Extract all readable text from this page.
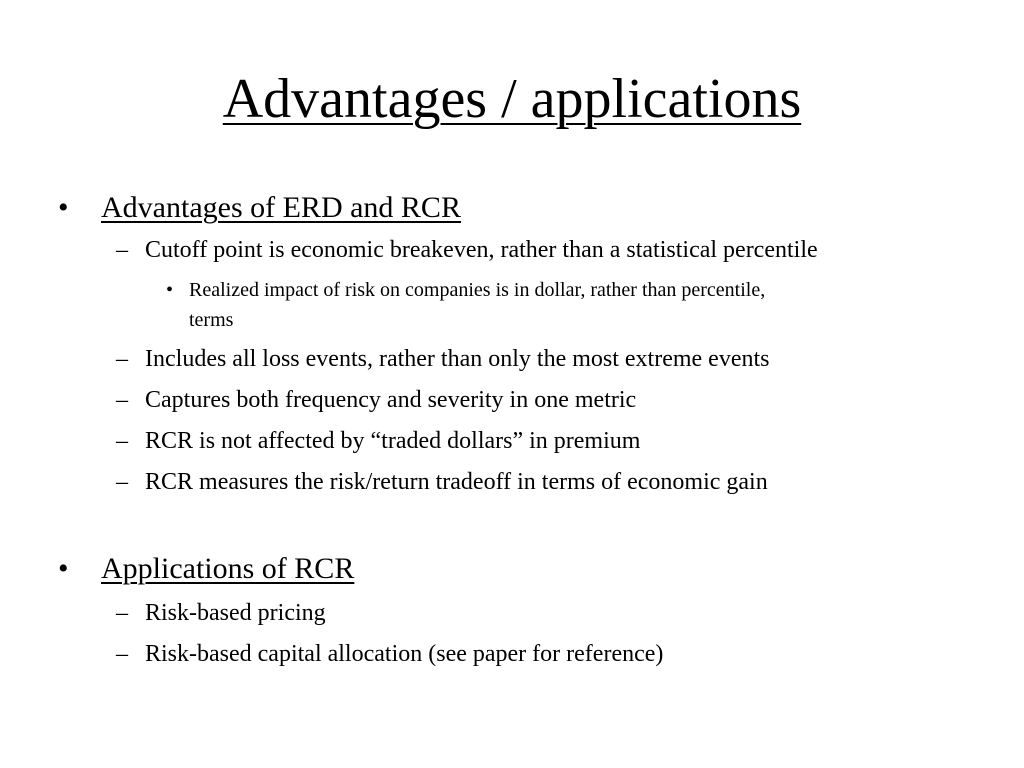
Advantages / applications
• Advantages of ERD and RCR
– Cutoff point is economic breakeven, rather than a statistical percentile
• Realized impact of risk on companies is in dollar, rather than percentile,
terms
– Includes all loss events, rather than only the most extreme events
– Captures both frequency and severity in one metric
– RCR is not affected by “traded dollars” in premium
– RCR measures the risk/return tradeoff in terms of economic gain
• Applications of RCR
– Risk-based pricing
– Risk-based capital allocation (see paper for reference)
